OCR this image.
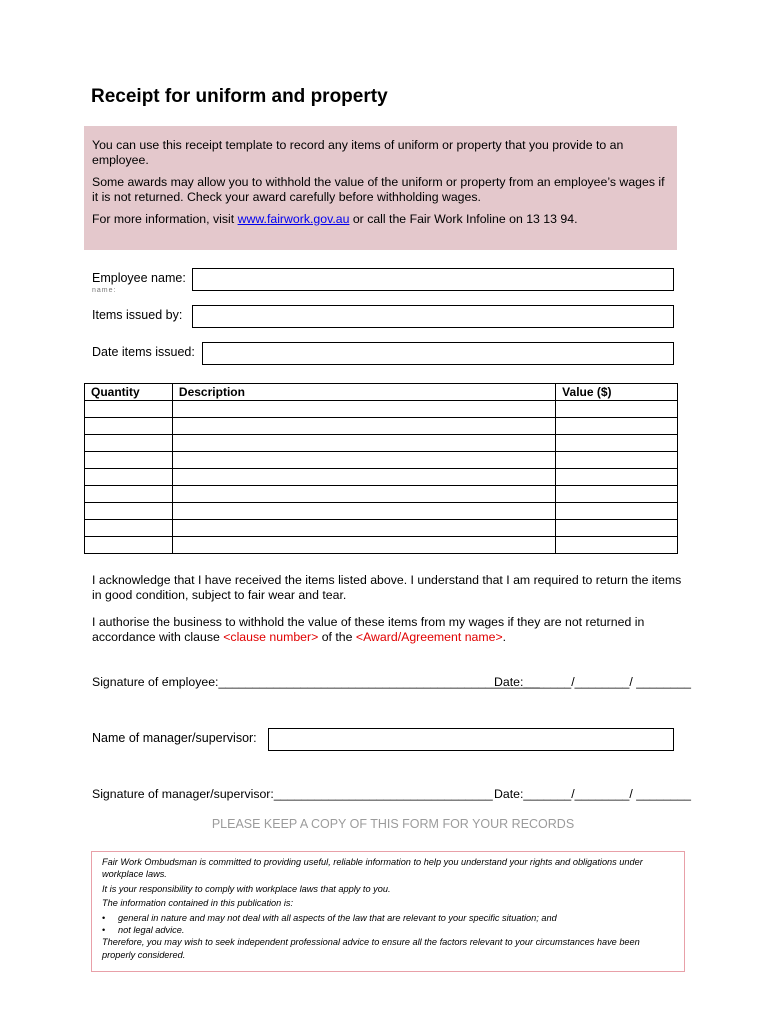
Receipt for uniform and property

You can use this receipt template to record any items of uniform or property that you provide to an employee.

Some awards may allow you to withhold the value of the uniform or property from an employee’s wages if it is not returned. Check your award carefully before withholding wages.

For more information, visit www.fairwork.gov.au or call the Fair Work Infoline on 13 13 94.

Employee name:
name:
Items issued by:
Date items issued:
Quantity	Description	Value ($)

I acknowledge that I have received the items listed above. I understand that I am required to return the items in good condition, subject to fair wear and tear.
I authorise the business to withhold the value of these items from my wages if they are not returned in accordance with clause <clause number> of the <Award/Agreement name>.
Signature of employee:_______________________________________________
Date:_______/________/ ________
Name of manager/supervisor:
Signature of manager/supervisor:________________________________ Date:_______/________/ ________
PLEASE KEEP A COPY OF THIS FORM FOR YOUR RECORDS

Fair Work Ombudsman is committed to providing useful, reliable information to help you understand your rights and obligations under workplace laws.

It is your responsibility to comply with workplace laws that apply to you.

The information contained in this publication is:

• general in nature and may not deal with all aspects of the law that are relevant to your specific situation; and
• not legal advice.

Therefore, you may wish to seek independent professional advice to ensure all the factors relevant to your circumstances have been properly considered.
